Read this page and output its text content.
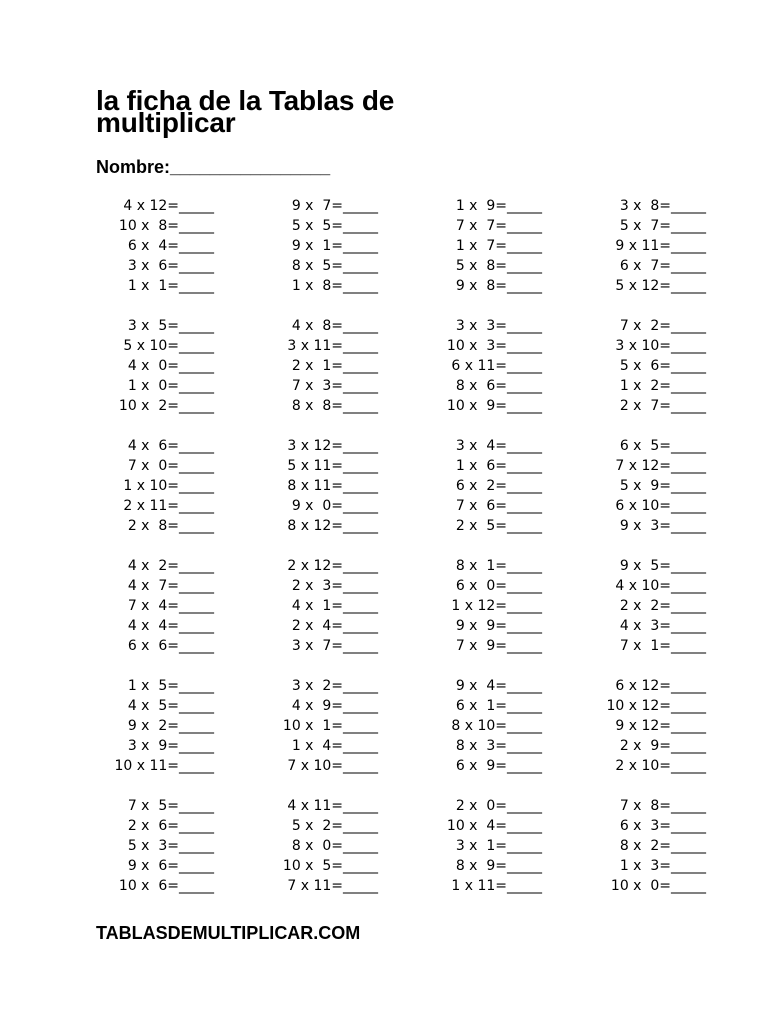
la ficha de la Tablas de multiplicar
Nombre:________________
4 x 12=_____
10 x  8=_____
6 x  4=_____
3 x  6=_____
1 x  1=_____
9 x  7=_____
5 x  5=_____
9 x  1=_____
8 x  5=_____
1 x  8=_____
1 x  9=_____
7 x  7=_____
1 x  7=_____
5 x  8=_____
9 x  8=_____
3 x  8=_____
5 x  7=_____
9 x 11=_____
6 x  7=_____
5 x 12=_____
3 x  5=_____
5 x 10=_____
4 x  0=_____
1 x  0=_____
10 x  2=_____
4 x  8=_____
3 x 11=_____
2 x  1=_____
7 x  3=_____
8 x  8=_____
3 x  3=_____
10 x  3=_____
6 x 11=_____
8 x  6=_____
10 x  9=_____
7 x  2=_____
3 x 10=_____
5 x  6=_____
1 x  2=_____
2 x  7=_____
4 x  6=_____
7 x  0=_____
1 x 10=_____
2 x 11=_____
2 x  8=_____
3 x 12=_____
5 x 11=_____
8 x 11=_____
9 x  0=_____
8 x 12=_____
3 x  4=_____
1 x  6=_____
6 x  2=_____
7 x  6=_____
2 x  5=_____
6 x  5=_____
7 x 12=_____
5 x  9=_____
6 x 10=_____
9 x  3=_____
4 x  2=_____
4 x  7=_____
7 x  4=_____
4 x  4=_____
6 x  6=_____
2 x 12=_____
2 x  3=_____
4 x  1=_____
2 x  4=_____
3 x  7=_____
8 x  1=_____
6 x  0=_____
1 x 12=_____
9 x  9=_____
7 x  9=_____
9 x  5=_____
4 x 10=_____
2 x  2=_____
4 x  3=_____
7 x  1=_____
1 x  5=_____
4 x  5=_____
9 x  2=_____
3 x  9=_____
10 x 11=_____
3 x  2=_____
4 x  9=_____
10 x  1=_____
1 x  4=_____
7 x 10=_____
9 x  4=_____
6 x  1=_____
8 x 10=_____
8 x  3=_____
6 x  9=_____
6 x 12=_____
10 x 12=_____
9 x 12=_____
2 x  9=_____
2 x 10=_____
7 x  5=_____
2 x  6=_____
5 x  3=_____
9 x  6=_____
10 x  6=_____
4 x 11=_____
5 x  2=_____
8 x  0=_____
10 x  5=_____
7 x 11=_____
2 x  0=_____
10 x  4=_____
3 x  1=_____
8 x  9=_____
1 x 11=_____
7 x  8=_____
6 x  3=_____
8 x  2=_____
1 x  3=_____
10 x  0=_____
TABLASDEMULTIPLICAR.COM
